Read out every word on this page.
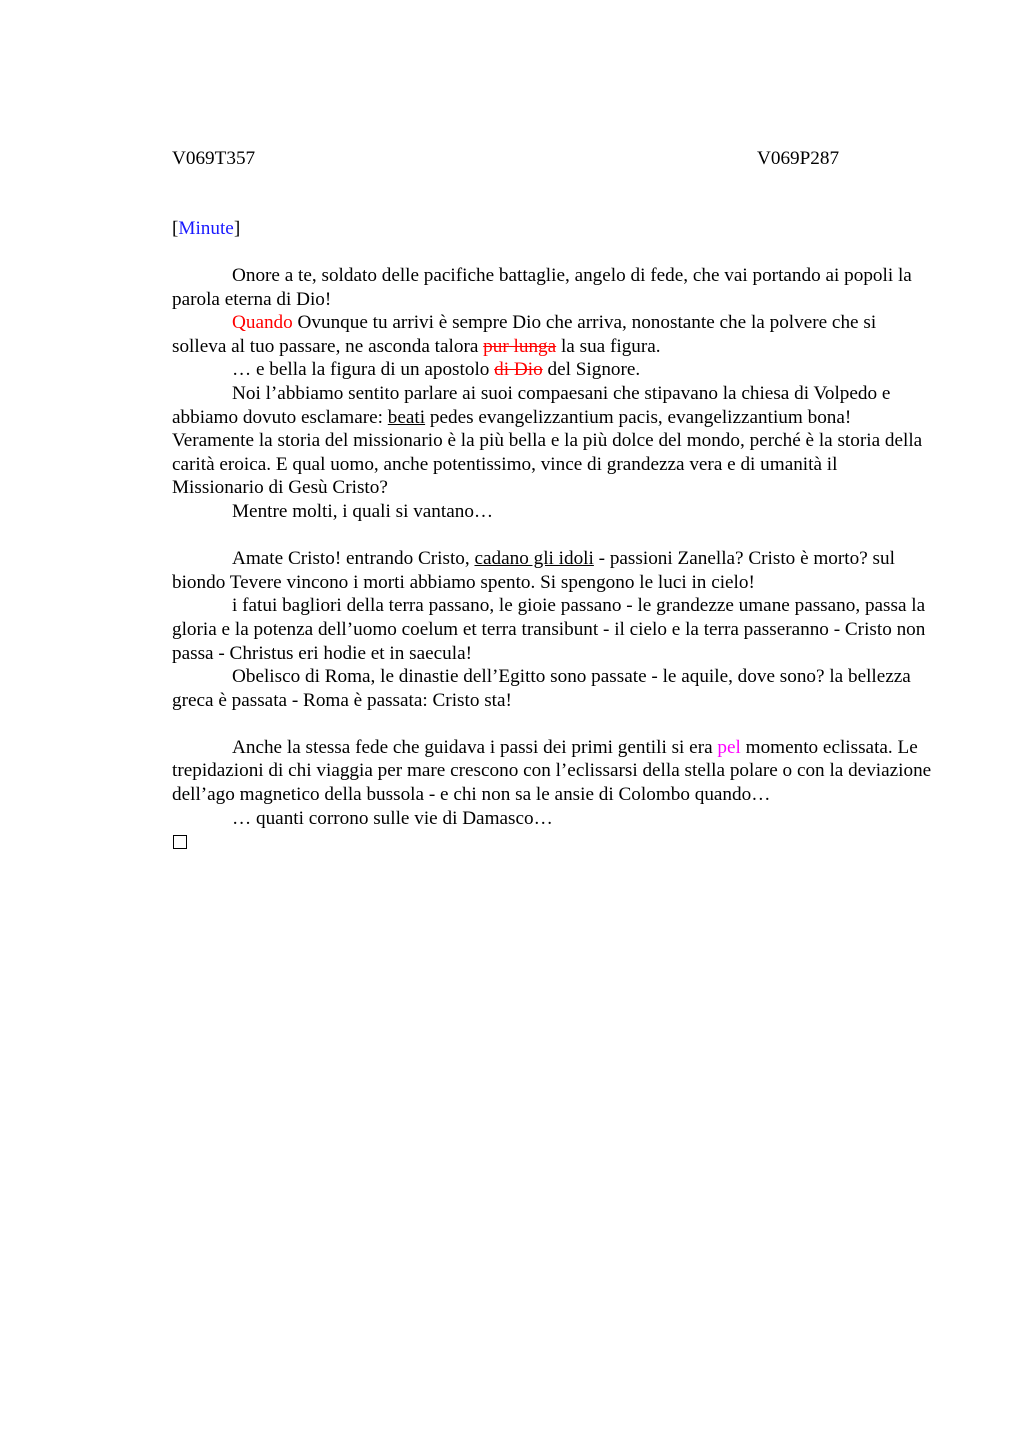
V069T357	V069P287
[Minute]

Onore a te, soldato delle pacifiche battaglie, angelo di fede, che vai portando ai popoli la parola eterna di Dio!

Quando Ovunque tu arrivi è sempre Dio che arriva, nonostante che la polvere che si solleva al tuo passare, ne asconda talora pur lunga la sua figura.

… e bella la figura di un apostolo di Dio del Signore.

Noi l’abbiamo sentito parlare ai suoi compaesani che stipavano la chiesa di Volpedo e abbiamo dovuto esclamare: beati pedes evangelizzantium pacis, evangelizzantium bona! Veramente la storia del missionario è la più bella e la più dolce del mondo, perché è la storia della carità eroica. E qual uomo, anche potentissimo, vince di grandezza vera e di umanità il Missionario di Gesù Cristo?

Mentre molti, i quali si vantano…

Amate Cristo! entrando Cristo, cadano gli idoli - passioni Zanella? Cristo è morto? sul biondo Tevere vincono i morti abbiamo spento. Si spengono le luci in cielo!

i fatui bagliori della terra passano, le gioie passano - le grandezze umane passano, passa la gloria e la potenza dell’uomo coelum et terra transibunt - il cielo e la terra passeranno - Cristo non passa - Christus eri hodie et in saecula!

Obelisco di Roma, le dinastie dell’Egitto sono passate - le aquile, dove sono? la bellezza greca è passata - Roma è passata: Cristo sta!

Anche la stessa fede che guidava i passi dei primi gentili si era pel momento eclissata. Le trepidazioni di chi viaggia per mare crescono con l’eclissarsi della stella polare o con la deviazione dell’ago magnetico della bussola - e chi non sa le ansie di Colombo quando…

… quanti corrono sulle vie di Damasco…
